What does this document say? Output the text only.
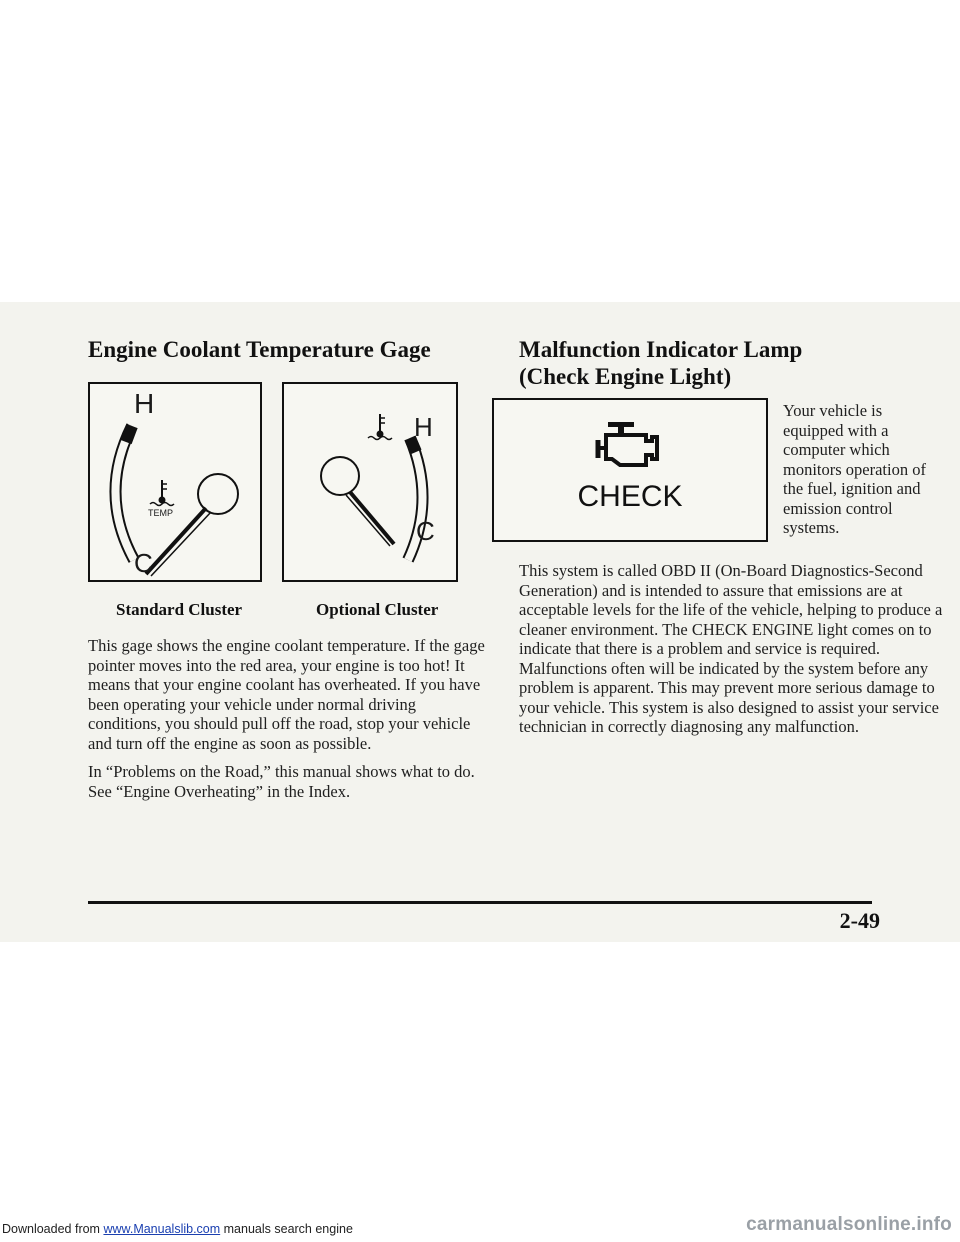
Engine Coolant Temperature Gage
H
C
TEMP
H
C
Standard Cluster	Optional Cluster

This gage shows the engine coolant temperature. If the gage pointer moves into the red area, your engine is too hot! It means that your engine coolant has overheated. If you have been operating your vehicle under normal driving conditions, you should pull off the road, stop your vehicle and turn off the engine as soon as possible.

In “Problems on the Road,” this manual shows what to do. See “Engine Overheating” in the Index.

Malfunction Indicator Lamp
(Check Engine Light)
CHECK
Your vehicle is equipped with a computer which monitors operation of the fuel, ignition and emission control systems.
This system is called OBD II (On-Board Diagnostics-Second Generation) and is intended to assure that emissions are at acceptable levels for the life of the vehicle, helping to produce a cleaner environment. The CHECK ENGINE light comes on to indicate that there is a problem and service is required. Malfunctions often will be indicated by the system before any problem is apparent. This may prevent more serious damage to your vehicle. This system is also designed to assist your service technician in correctly diagnosing any malfunction.
2-49
Downloaded from www.Manualslib.com manuals search engine	carmanualsonline.info
